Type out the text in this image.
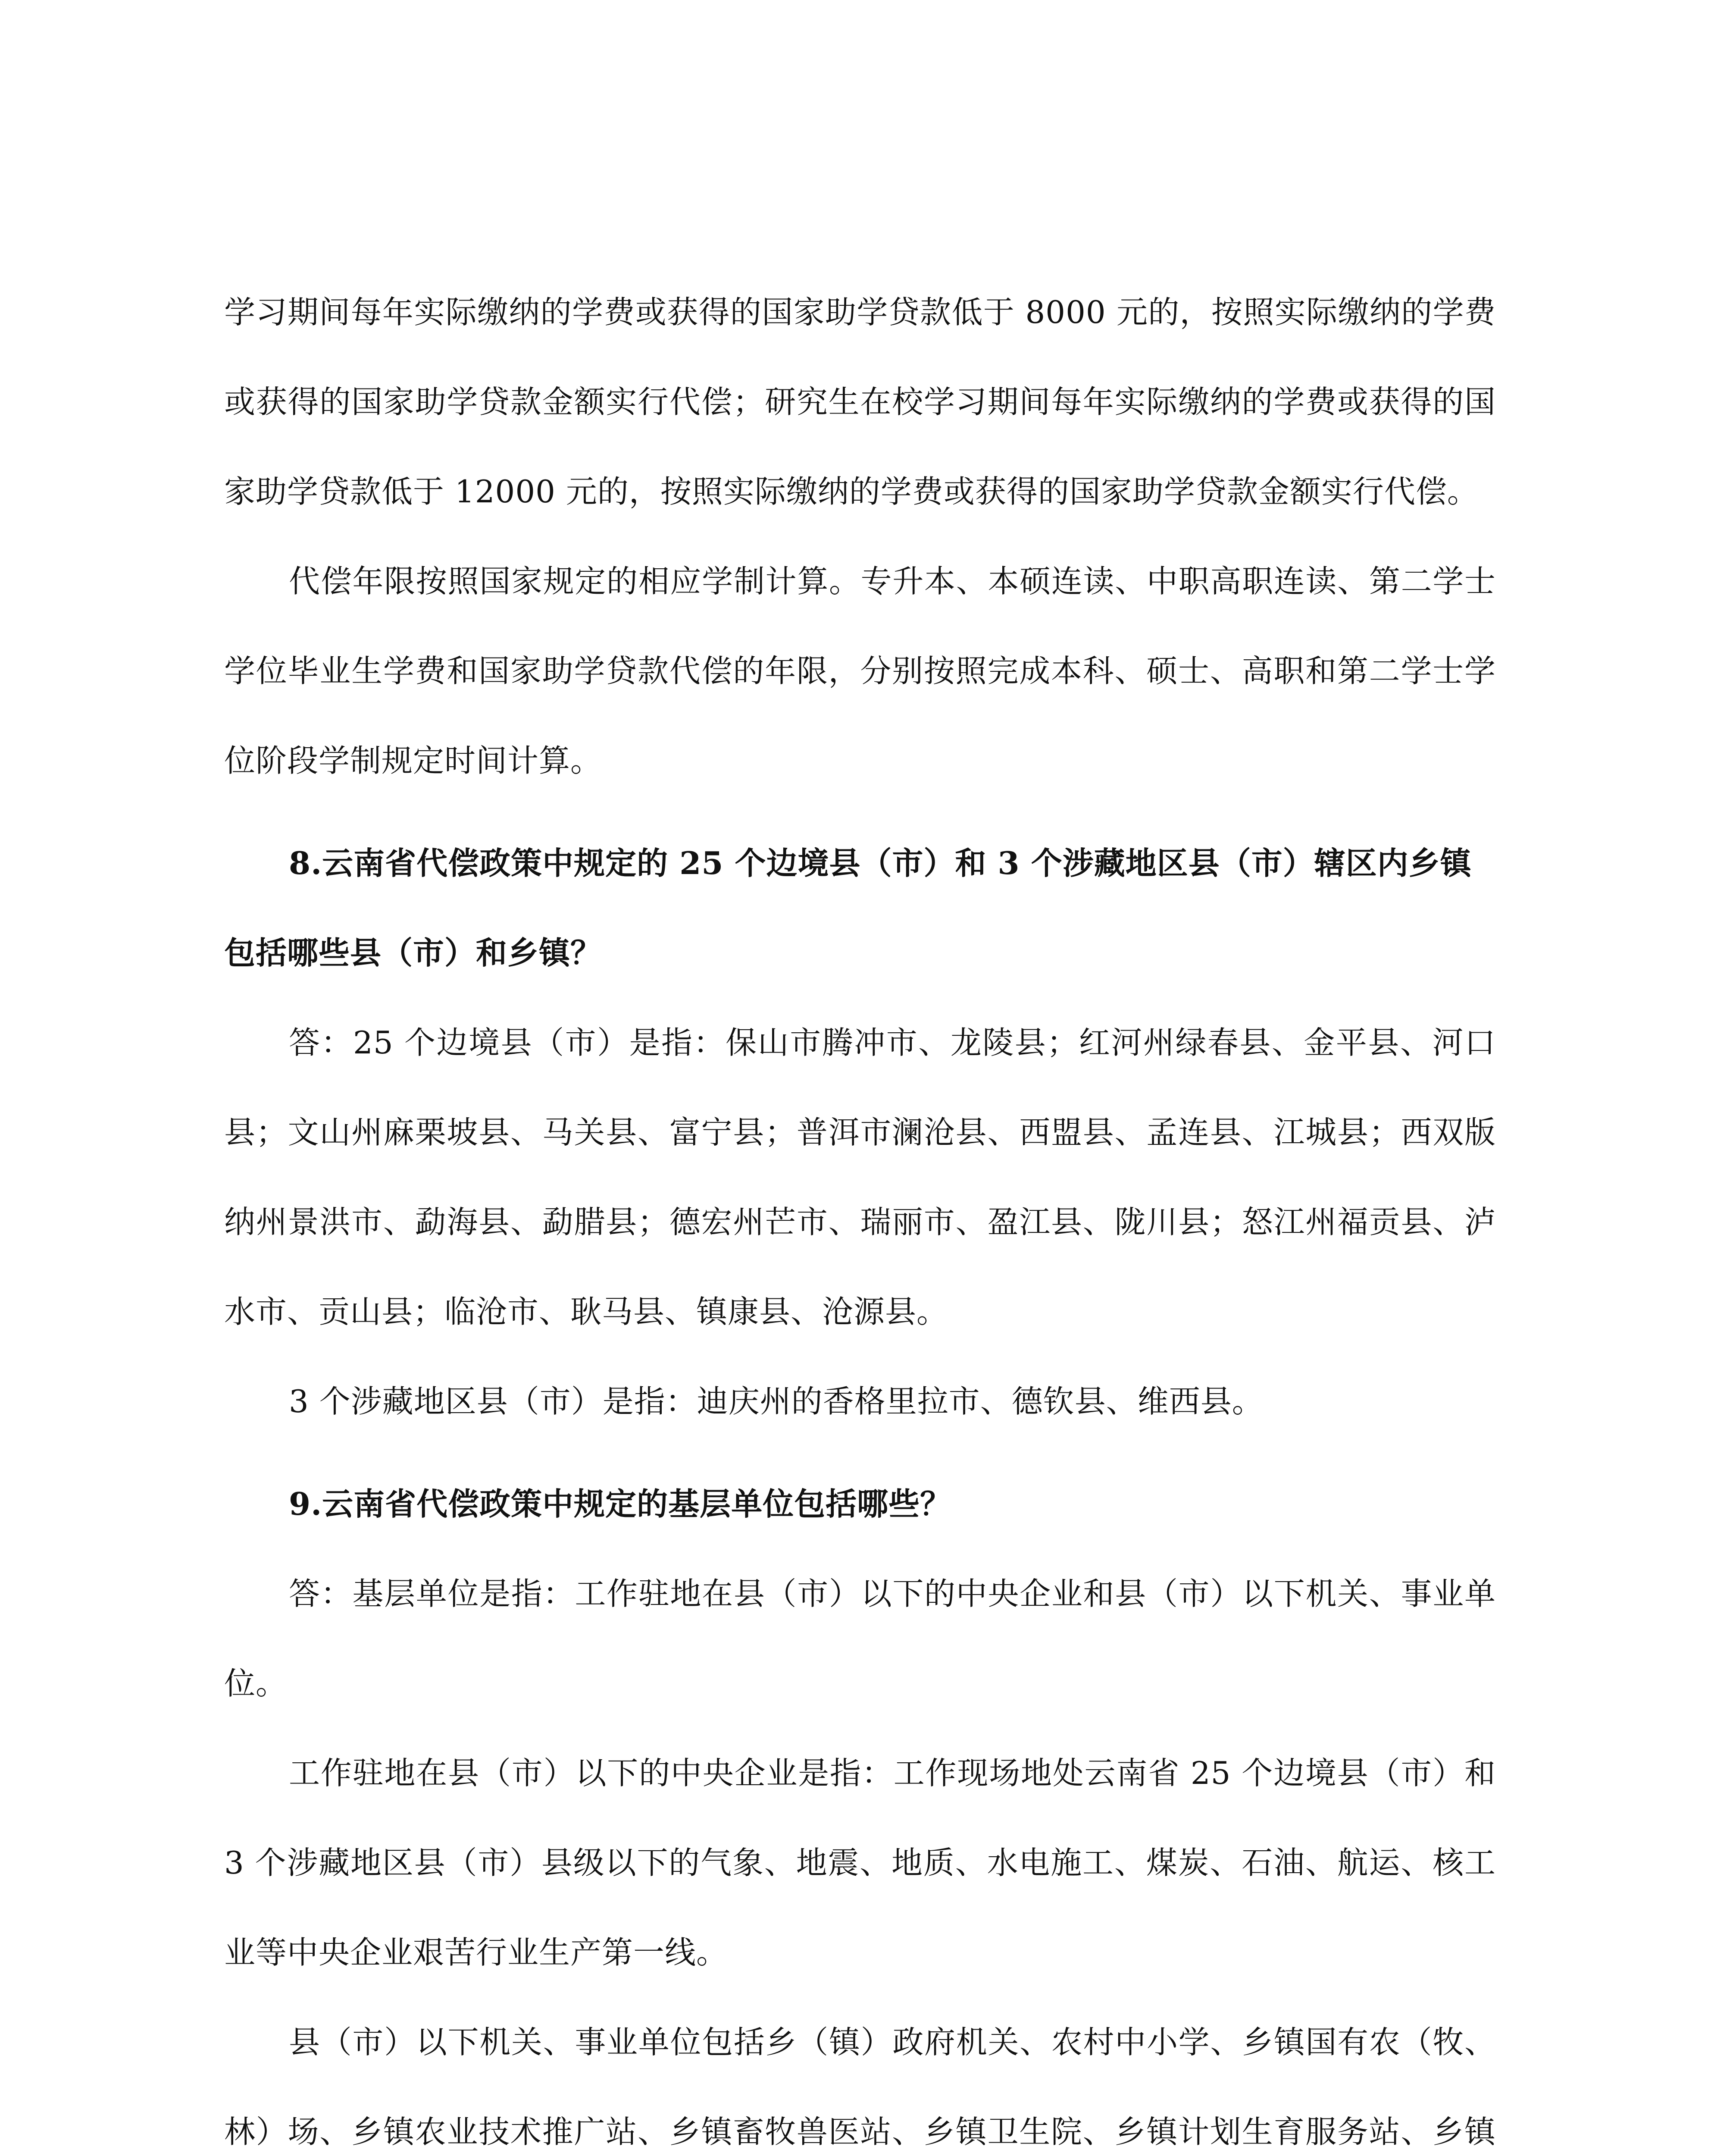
学习期间每年实际缴纳的学费或获得的国家助学贷款低于 8000 元的，按照实际缴纳的学费或获得的国家助学贷款金额实行代偿；研究生在校学习期间每年实际缴纳的学费或获得的国家助学贷款低于 12000 元的，按照实际缴纳的学费或获得的国家助学贷款金额实行代偿。

代偿年限按照国家规定的相应学制计算。专升本、本硕连读、中职高职连读、第二学士学位毕业生学费和国家助学贷款代偿的年限，分别按照完成本科、硕士、高职和第二学士学位阶段学制规定时间计算。

8.云南省代偿政策中规定的 25 个边境县（市）和 3 个涉藏地区县（市）辖区内乡镇包括哪些县（市）和乡镇？

答：25 个边境县（市）是指：保山市腾冲市、龙陵县；红河州绿春县、金平县、河口县；文山州麻栗坡县、马关县、富宁县；普洱市澜沧县、西盟县、孟连县、江城县；西双版纳州景洪市、勐海县、勐腊县；德宏州芒市、瑞丽市、盈江县、陇川县；怒江州福贡县、泸水市、贡山县；临沧市、耿马县、镇康县、沧源县。

3 个涉藏地区县（市）是指：迪庆州的香格里拉市、德钦县、维西县。

9.云南省代偿政策中规定的基层单位包括哪些？

答：基层单位是指：工作驻地在县（市）以下的中央企业和县（市）以下机关、事业单位。

工作驻地在县（市）以下的中央企业是指：工作现场地处云南省 25 个边境县（市）和 3 个涉藏地区县（市）县级以下的气象、地震、地质、水电施工、煤炭、石油、航运、核工业等中央企业艰苦行业生产第一线。

县（市）以下机关、事业单位包括乡（镇）政府机关、农村中小学、乡镇国有农（牧、林）场、乡镇农业技术推广站、乡镇畜牧兽医站、乡镇卫生院、乡镇计划生育服务站、乡镇
